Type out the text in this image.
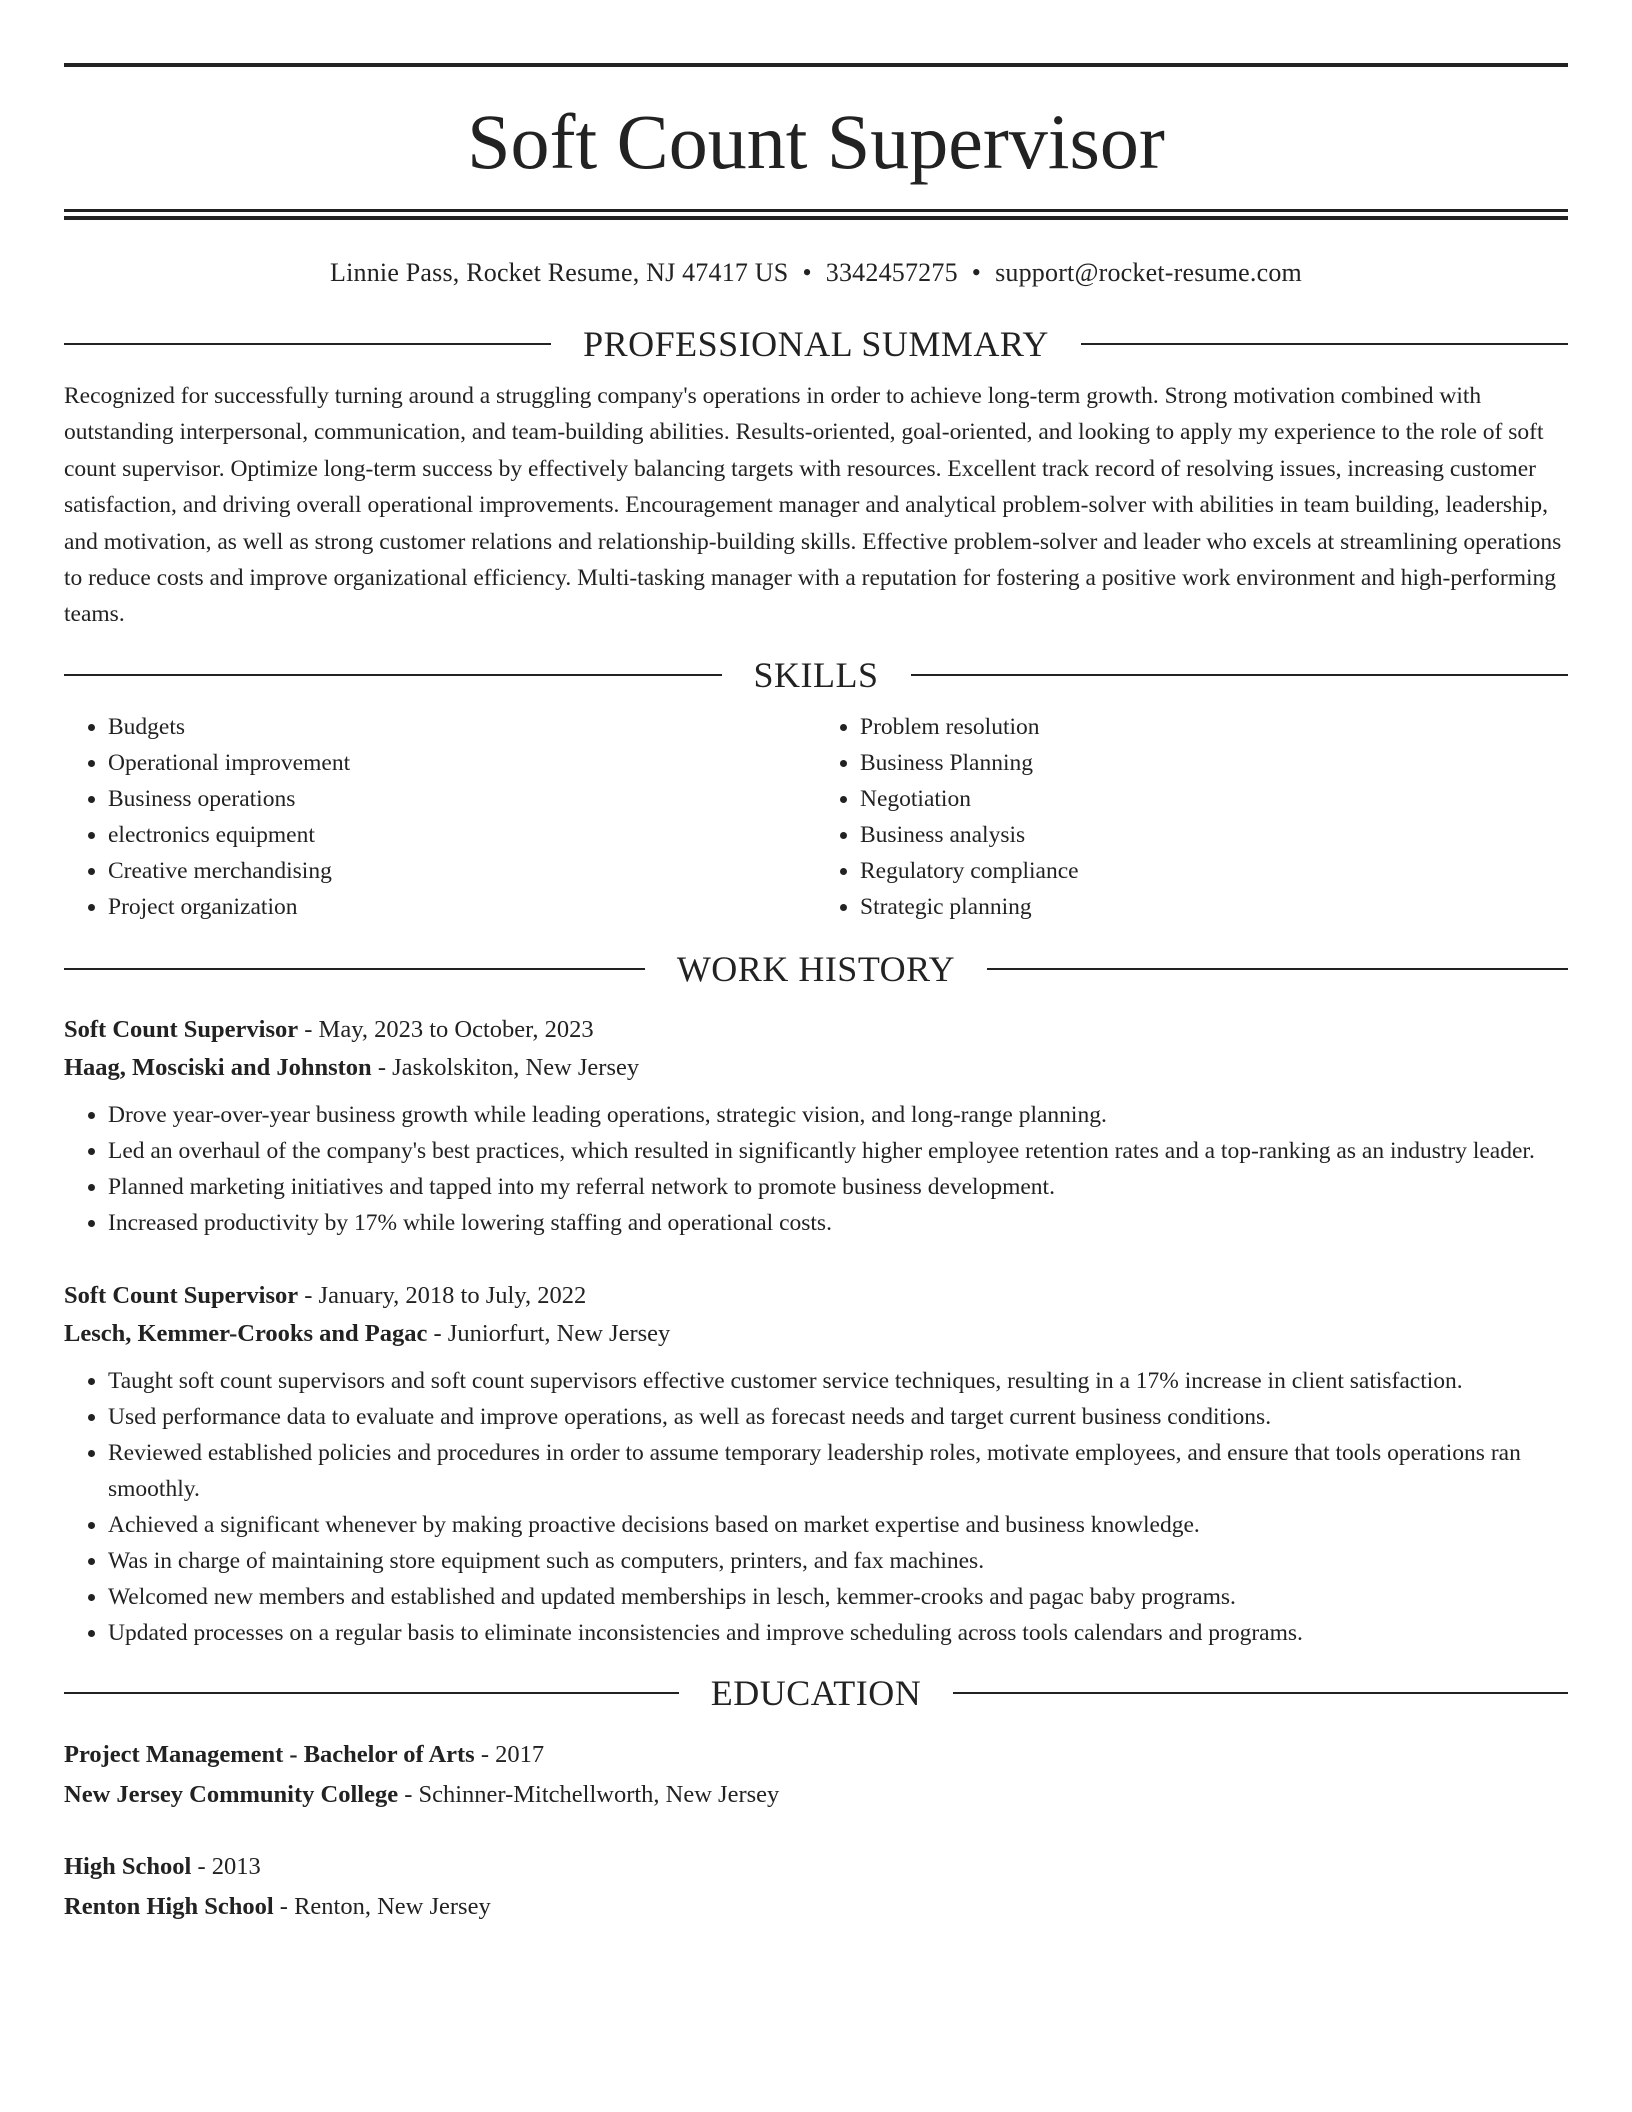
Soft Count Supervisor
Linnie Pass, Rocket Resume, NJ 47417 US • 3342457275 • support@rocket-resume.com
PROFESSIONAL SUMMARY
Recognized for successfully turning around a struggling company's operations in order to achieve long-term growth. Strong motivation combined with outstanding interpersonal, communication, and team-building abilities. Results-oriented, goal-oriented, and looking to apply my experience to the role of soft count supervisor. Optimize long-term success by effectively balancing targets with resources. Excellent track record of resolving issues, increasing customer satisfaction, and driving overall operational improvements. Encouragement manager and analytical problem-solver with abilities in team building, leadership, and motivation, as well as strong customer relations and relationship-building skills. Effective problem-solver and leader who excels at streamlining operations to reduce costs and improve organizational efficiency. Multi-tasking manager with a reputation for fostering a positive work environment and high-performing teams.
SKILLS
• Budgets
• Operational improvement
• Business operations
• electronics equipment
• Creative merchandising
• Project organization
• Problem resolution
• Business Planning
• Negotiation
• Business analysis
• Regulatory compliance
• Strategic planning
WORK HISTORY
Soft Count Supervisor - May, 2023 to October, 2023
Haag, Mosciski and Johnston - Jaskolskiton, New Jersey
• Drove year-over-year business growth while leading operations, strategic vision, and long-range planning.
• Led an overhaul of the company's best practices, which resulted in significantly higher employee retention rates and a top-ranking as an industry leader.
• Planned marketing initiatives and tapped into my referral network to promote business development.
• Increased productivity by 17% while lowering staffing and operational costs.
Soft Count Supervisor - January, 2018 to July, 2022
Lesch, Kemmer-Crooks and Pagac - Juniorfurt, New Jersey
• Taught soft count supervisors and soft count supervisors effective customer service techniques, resulting in a 17% increase in client satisfaction.
• Used performance data to evaluate and improve operations, as well as forecast needs and target current business conditions.
• Reviewed established policies and procedures in order to assume temporary leadership roles, motivate employees, and ensure that tools operations ran smoothly.
• Achieved a significant whenever by making proactive decisions based on market expertise and business knowledge.
• Was in charge of maintaining store equipment such as computers, printers, and fax machines.
• Welcomed new members and established and updated memberships in lesch, kemmer-crooks and pagac baby programs.
• Updated processes on a regular basis to eliminate inconsistencies and improve scheduling across tools calendars and programs.
EDUCATION
Project Management - Bachelor of Arts - 2017
New Jersey Community College - Schinner-Mitchellworth, New Jersey
High School - 2013
Renton High School - Renton, New Jersey
